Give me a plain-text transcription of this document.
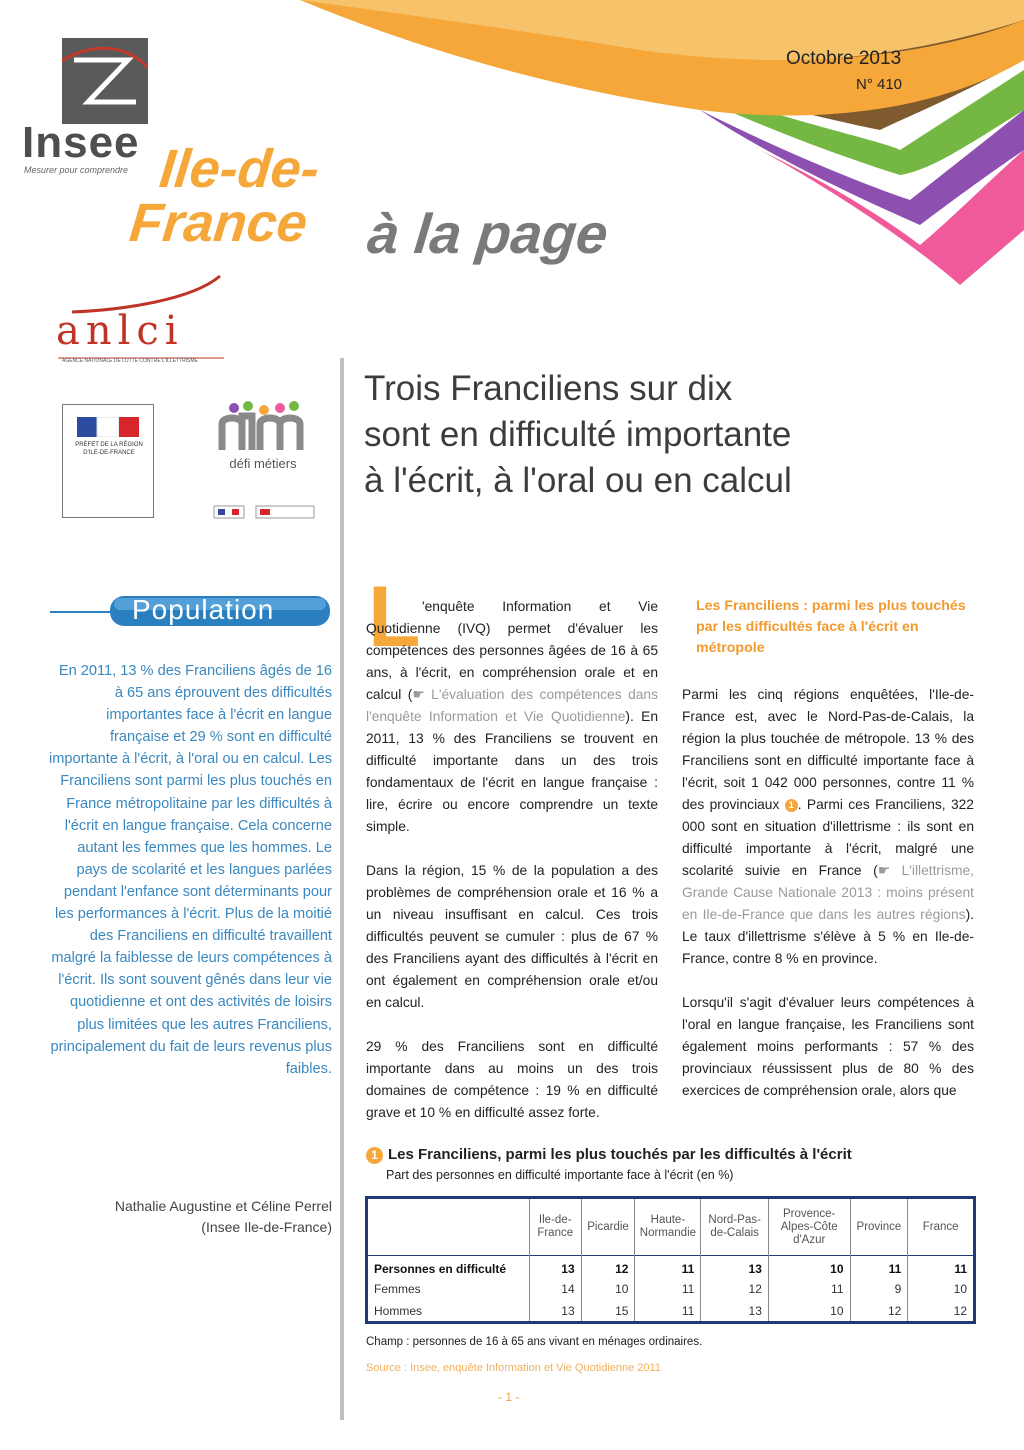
Insee
Mesurer pour comprendre
Octobre 2013
N° 410
Ile-de-
France à la page
anlci
AGENCE NATIONALE DE LUTTE CONTRE L'ILLETTRISME
PRÉFET DE LA RÉGION D'ILE-DE-FRANCE
défi métiers
Population
En 2011, 13 % des Franciliens âgés de 16 à 65 ans éprouvent des difficultés importantes face à l'écrit en langue française et 29 % sont en difficulté importante à l'écrit, à l'oral ou en calcul. Les Franciliens sont parmi les plus touchés en France métropolitaine par les difficultés à l'écrit en langue française. Cela concerne autant les femmes que les hommes. Le pays de scolarité et les langues parlées pendant l'enfance sont déterminants pour les performances à l'écrit. Plus de la moitié des Franciliens en difficulté travaillent malgré la faiblesse de leurs compétences à l'écrit. Ils sont souvent gênés dans leur vie quotidienne et ont des activités de loisirs plus limitées que les autres Franciliens, principalement du fait de leurs revenus plus faibles.
Nathalie Augustine et Céline Perrel
(Insee Ile-de-France)
Trois Franciliens sur dix
sont en difficulté importante
à l'écrit, à l'oral ou en calcul
L 'enquête Information et Vie Quotidienne (IVQ) permet d'évaluer les compétences des personnes âgées de 16 à 65 ans, à l'écrit, en compréhension orale et en calcul (☛ L'évaluation des compétences dans l'enquête Information et Vie Quotidienne). En 2011, 13 % des Franciliens se trouvent en difficulté importante dans un des trois fondamentaux de l'écrit en langue française : lire, écrire ou encore comprendre un texte simple.

Dans la région, 15 % de la population a des problèmes de compréhension orale et 16 % a un niveau insuffisant en calcul. Ces trois difficultés peuvent se cumuler : plus de 67 % des Franciliens ayant des difficultés à l'écrit en ont également en compréhension orale et/ou en calcul.

29 % des Franciliens sont en difficulté importante dans au moins un des trois domaines de compétence : 19 % en difficulté grave et 10 % en difficulté assez forte.

Les Franciliens : parmi les plus touchés par les difficultés face à l'écrit en métropole

Parmi les cinq régions enquêtées, l'Ile-de-France est, avec le Nord-Pas-de-Calais, la région la plus touchée de métropole. 13 % des Franciliens sont en difficulté importante face à l'écrit, soit 1 042 000 personnes, contre 11 % des provinciaux 1 . Parmi ces Franciliens, 322 000 sont en situation d'illettrisme : ils sont en difficulté importante à l'écrit, malgré une scolarité suivie en France (☛ L'illettrisme, Grande Cause Nationale 2013 : moins présent en Ile-de-France que dans les autres régions). Le taux d'illettrisme s'élève à 5 % en Ile-de-France, contre 8 % en province.

Lorsqu'il s'agit d'évaluer leurs compétences à l'oral en langue française, les Franciliens sont également moins performants : 57 % des provinciaux réussissent plus de 80 % des exercices de compréhension orale, alors que

1 Les Franciliens, parmi les plus touchés par les difficultés à l'écrit
Part des personnes en difficulté importante face à l'écrit (en %)
	Ile-de-France	Picardie	Haute-Normandie	Nord-Pas-de-Calais	Provence-Alpes-Côte d'Azur	Province	France
Personnes en difficulté	13	12	11	13	10	11	11
Femmes	14	10	11	12	11	9	10
Hommes	13	15	11	13	10	12	12
Champ : personnes de 16 à 65 ans vivant en ménages ordinaires.
Source : Insee, enquête Information et Vie Quotidienne 2011
- 1 -
